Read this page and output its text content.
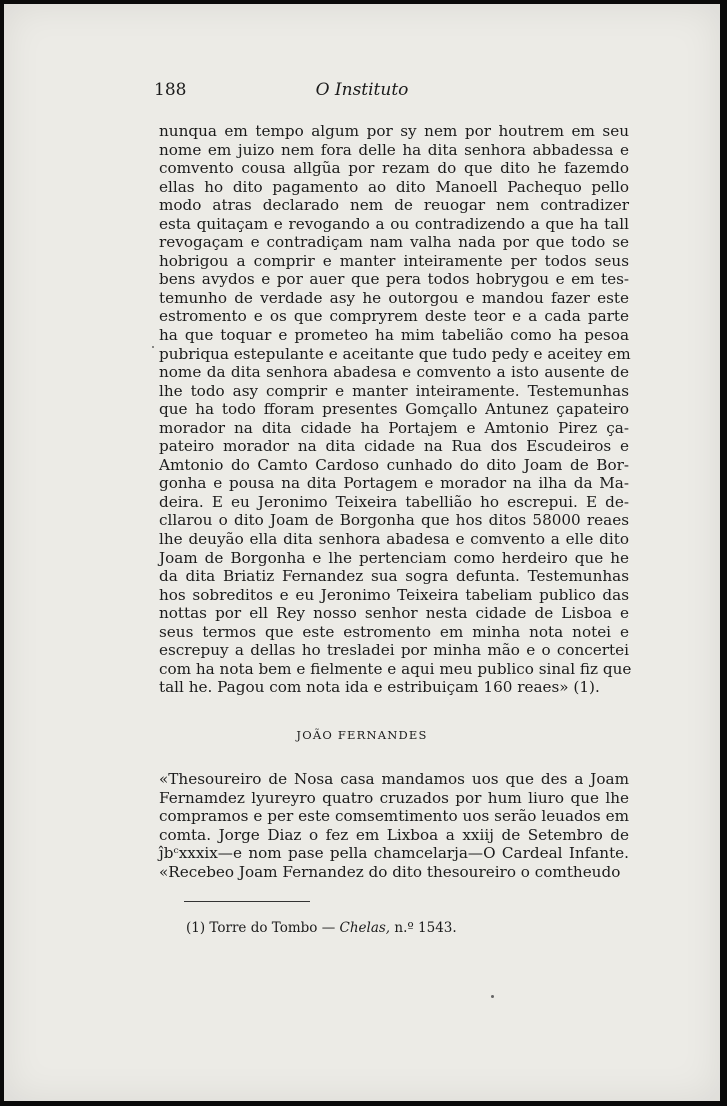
188	O Instituto
nunqua em tempo algum por sy nem por houtrem em seu
nome em juizo nem fora delle ha dita senhora abbadessa e
comvento cousa allgũa por rezam do que dito he fazemdo
ellas ho dito pagamento ao dito Manoell Pachequo pello
modo atras declarado nem de reuogar nem contradizer
esta quitaçam e revogando a ou contradizendo a que ha tall
revogaçam e contradiçam nam valha nada por que todo se
hobrigou a comprir e manter inteiramente per todos seus
bens avydos e por auer que pera todos hobrygou e em tes-
temunho de verdade asy he outorgou e mandou fazer este
estromento e os que compryrem deste teor e a cada parte
ha que toquar e prometeo ha mim tabelião como ha pesoa
pubriqua estepulante e aceitante que tudo pedy e aceitey em
nome da dita senhora abadesa e comvento a isto ausente de
lhe todo asy comprir e manter inteiramente. Testemunhas
que ha todo fforam presentes Gomçallo Antunez çapateiro
morador na dita cidade ha Portajem e Amtonio Pirez ça-
pateiro morador na dita cidade na Rua dos Escudeiros e
Amtonio do Camto Cardoso cunhado do dito Joam de Bor-
gonha e pousa na dita Portagem e morador na ilha da Ma-
deira. E eu Jeronimo Teixeira tabellião ho escrepui. E de-
cllarou o dito Joam de Borgonha que hos ditos 58000 reaes
lhe deuyão ella dita senhora abadesa e comvento a elle dito
Joam de Borgonha e lhe pertenciam como herdeiro que he
da dita Briatiz Fernandez sua sogra defunta. Testemunhas
hos sobreditos e eu Jeronimo Teixeira tabeliam publico das
nottas por ell Rey nosso senhor nesta cidade de Lisboa e
seus termos que este estromento em minha nota notei e
escrepuy a dellas ho tresladei por minha mão e o concertei
com ha nota bem e fielmente e aqui meu publico sinal fiz que
tall he. Pagou com nota ida e estribuiçam 160 reaes» (1).
JOÃO FERNANDES
«Thesoureiro de Nosa casa mandamos uos que des a Joam
Fernamdez lyureyro quatro cruzados por hum liuro que lhe
compramos e per este comsemtimento uos serão leuados em
comta. Jorge Diaz o fez em Lixboa a xxiij de Setembro de
ĵbᶜxxxix—e nom pase pella chamcelarja—O Cardeal Infante.
«Recebeo Joam Fernandez do dito thesoureiro o comtheudo
(1) Torre do Tombo — Chelas, n.º 1543.
